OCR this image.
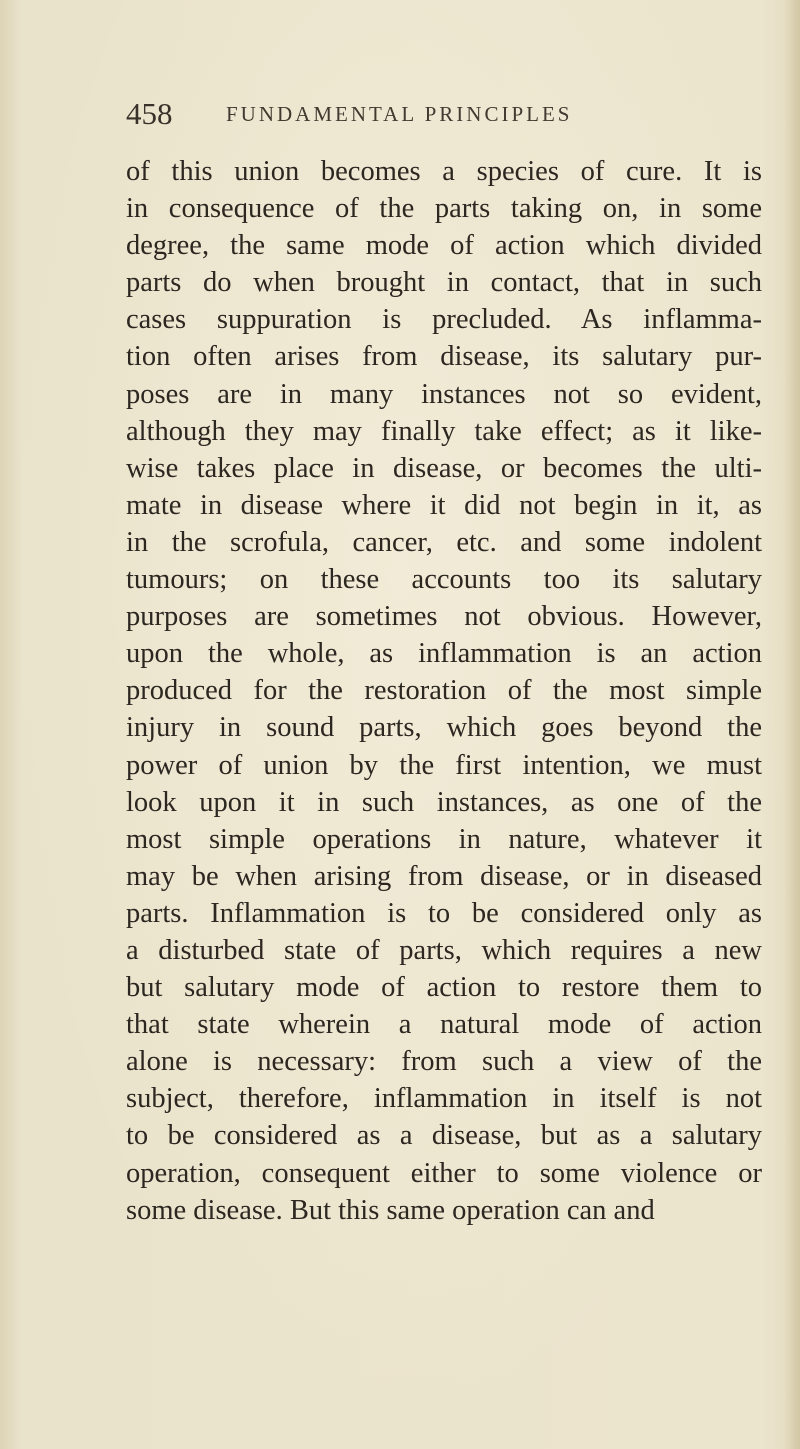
458	FUNDAMENTAL PRINCIPLES
of this union becomes a species of cure. It is
in consequence of the parts taking on, in some
degree, the same mode of action which divided
parts do when brought in contact, that in such
cases suppuration is precluded. As inflamma-
tion often arises from disease, its salutary pur-
poses are in many instances not so evident,
although they may finally take effect; as it like-
wise takes place in disease, or becomes the ulti-
mate in disease where it did not begin in it, as
in the scrofula, cancer, etc. and some indolent
tumours; on these accounts too its salutary
purposes are sometimes not obvious. However,
upon the whole, as inflammation is an action
produced for the restoration of the most simple
injury in sound parts, which goes beyond the
power of union by the first intention, we must
look upon it in such instances, as one of the
most simple operations in nature, whatever it
may be when arising from disease, or in diseased
parts. Inflammation is to be considered only as
a disturbed state of parts, which requires a new
but salutary mode of action to restore them to
that state wherein a natural mode of action
alone is necessary: from such a view of the
subject, therefore, inflammation in itself is not
to be considered as a disease, but as a salutary
operation, consequent either to some violence or
some disease. But this same operation can and
